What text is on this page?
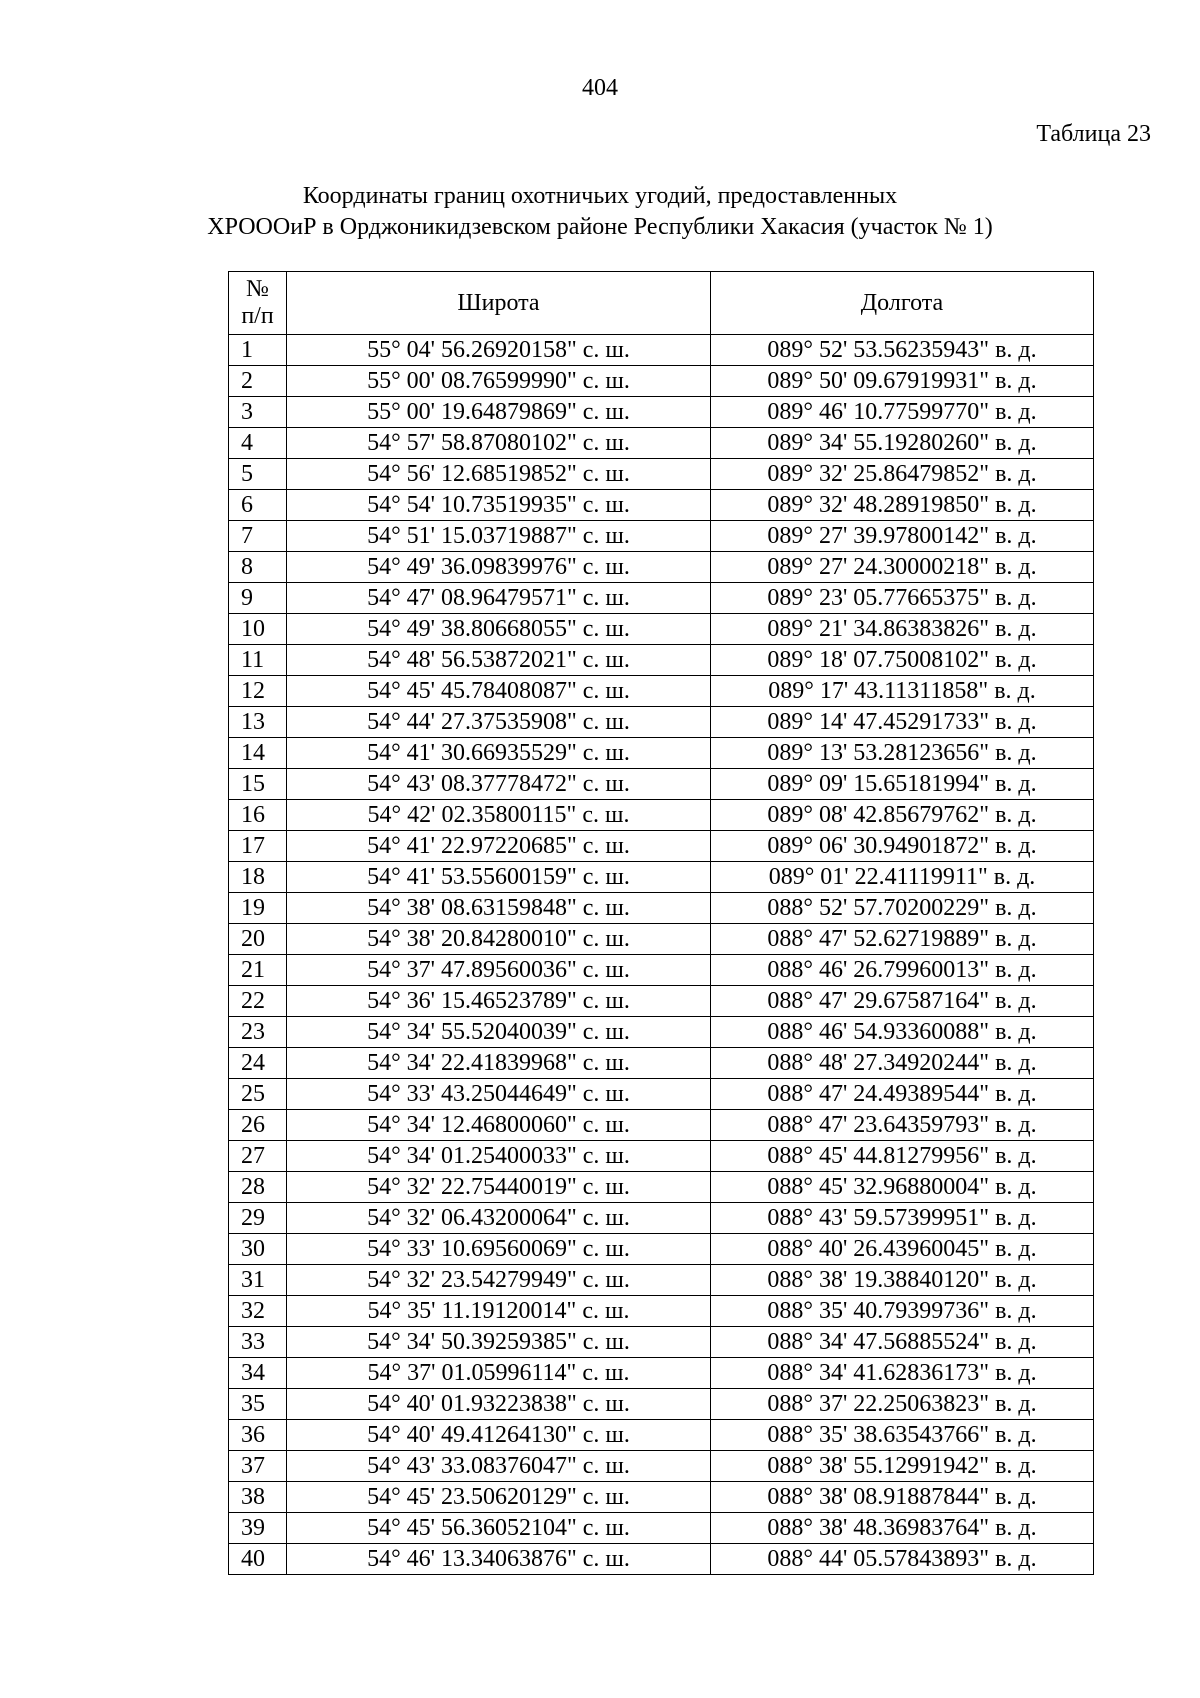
404
Таблица 23
Координаты границ охотничьих угодий, предоставленных
ХРОООиР в Орджоникидзевском районе Республики Хакасия (участок № 1)
№
п/п	Широта	Долгота
1	55° 04' 56.26920158" с. ш.	089° 52' 53.56235943" в. д.
2	55° 00' 08.76599990" с. ш.	089° 50' 09.67919931" в. д.
3	55° 00' 19.64879869" с. ш.	089° 46' 10.77599770" в. д.
4	54° 57' 58.87080102" с. ш.	089° 34' 55.19280260" в. д.
5	54° 56' 12.68519852" с. ш.	089° 32' 25.86479852" в. д.
6	54° 54' 10.73519935" с. ш.	089° 32' 48.28919850" в. д.
7	54° 51' 15.03719887" с. ш.	089° 27' 39.97800142" в. д.
8	54° 49' 36.09839976" с. ш.	089° 27' 24.30000218" в. д.
9	54° 47' 08.96479571" с. ш.	089° 23' 05.77665375" в. д.
10	54° 49' 38.80668055" с. ш.	089° 21' 34.86383826" в. д.
11	54° 48' 56.53872021" с. ш.	089° 18' 07.75008102" в. д.
12	54° 45' 45.78408087" с. ш.	089° 17' 43.11311858" в. д.
13	54° 44' 27.37535908" с. ш.	089° 14' 47.45291733" в. д.
14	54° 41' 30.66935529" с. ш.	089° 13' 53.28123656" в. д.
15	54° 43' 08.37778472" с. ш.	089° 09' 15.65181994" в. д.
16	54° 42' 02.35800115" с. ш.	089° 08' 42.85679762" в. д.
17	54° 41' 22.97220685" с. ш.	089° 06' 30.94901872" в. д.
18	54° 41' 53.55600159" с. ш.	089° 01' 22.41119911" в. д.
19	54° 38' 08.63159848" с. ш.	088° 52' 57.70200229" в. д.
20	54° 38' 20.84280010" с. ш.	088° 47' 52.62719889" в. д.
21	54° 37' 47.89560036" с. ш.	088° 46' 26.79960013" в. д.
22	54° 36' 15.46523789" с. ш.	088° 47' 29.67587164" в. д.
23	54° 34' 55.52040039" с. ш.	088° 46' 54.93360088" в. д.
24	54° 34' 22.41839968" с. ш.	088° 48' 27.34920244" в. д.
25	54° 33' 43.25044649" с. ш.	088° 47' 24.49389544" в. д.
26	54° 34' 12.46800060" с. ш.	088° 47' 23.64359793" в. д.
27	54° 34' 01.25400033" с. ш.	088° 45' 44.81279956" в. д.
28	54° 32' 22.75440019" с. ш.	088° 45' 32.96880004" в. д.
29	54° 32' 06.43200064" с. ш.	088° 43' 59.57399951" в. д.
30	54° 33' 10.69560069" с. ш.	088° 40' 26.43960045" в. д.
31	54° 32' 23.54279949" с. ш.	088° 38' 19.38840120" в. д.
32	54° 35' 11.19120014" с. ш.	088° 35' 40.79399736" в. д.
33	54° 34' 50.39259385" с. ш.	088° 34' 47.56885524" в. д.
34	54° 37' 01.05996114" с. ш.	088° 34' 41.62836173" в. д.
35	54° 40' 01.93223838" с. ш.	088° 37' 22.25063823" в. д.
36	54° 40' 49.41264130" с. ш.	088° 35' 38.63543766" в. д.
37	54° 43' 33.08376047" с. ш.	088° 38' 55.12991942" в. д.
38	54° 45' 23.50620129" с. ш.	088° 38' 08.91887844" в. д.
39	54° 45' 56.36052104" с. ш.	088° 38' 48.36983764" в. д.
40	54° 46' 13.34063876" с. ш.	088° 44' 05.57843893" в. д.
